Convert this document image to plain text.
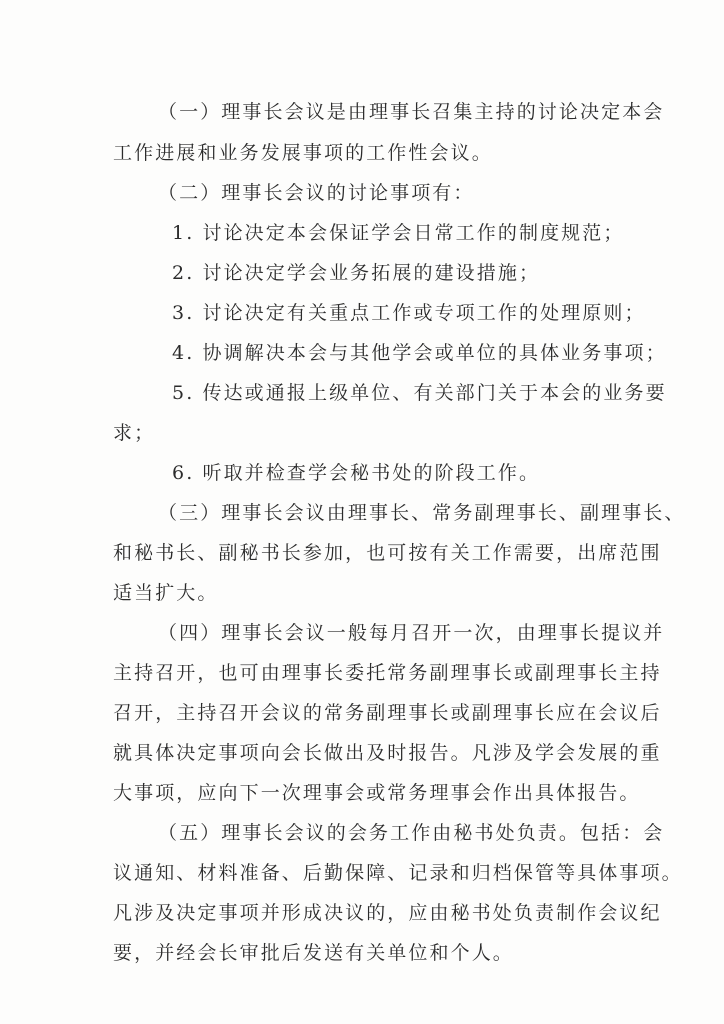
（一）理事长会议是由理事长召集主持的讨论决定本会
工作进展和业务发展事项的工作性会议。
（二）理事长会议的讨论事项有：
1. 讨论决定本会保证学会日常工作的制度规范；
2. 讨论决定学会业务拓展的建设措施；
3. 讨论决定有关重点工作或专项工作的处理原则；
4. 协调解决本会与其他学会或单位的具体业务事项；
5. 传达或通报上级单位、有关部门关于本会的业务要
求；
6. 听取并检查学会秘书处的阶段工作。
（三）理事长会议由理事长、常务副理事长、副理事长、
和秘书长、副秘书长参加，也可按有关工作需要，出席范围
适当扩大。
（四）理事长会议一般每月召开一次，由理事长提议并
主持召开，也可由理事长委托常务副理事长或副理事长主持
召开，主持召开会议的常务副理事长或副理事长应在会议后
就具体决定事项向会长做出及时报告。凡涉及学会发展的重
大事项，应向下一次理事会或常务理事会作出具体报告。
（五）理事长会议的会务工作由秘书处负责。包括：会
议通知、材料准备、后勤保障、记录和归档保管等具体事项。
凡涉及决定事项并形成决议的，应由秘书处负责制作会议纪
要，并经会长审批后发送有关单位和个人。
